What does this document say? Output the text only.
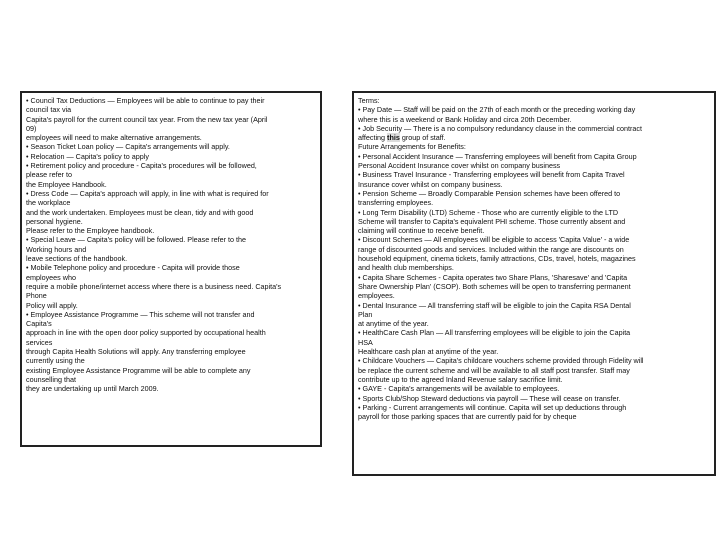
• Council Tax Deductions — Employees will be able to continue to pay their
council tax via
Capita's payroll for the current council tax year. From the new tax year (April
09)
employees will need to make alternative arrangements.
• Season Ticket Loan policy — Capita's arrangements will apply.
• Relocation — Capita's policy to apply
• Retirement policy and procedure - Capita's procedures will be followed,
please refer to
the Employee Handbook.
• Dress Code — Capita's approach will apply, in line with what is required for
the workplace
and the work undertaken. Employees must be clean, tidy and with good
personal hygiene.
Please refer to the Employee handbook.
• Special Leave — Capita's policy will be followed. Please refer to the
Working hours and
leave sections of the handbook.
• Mobile Telephone policy and procedure - Capita will provide those
employees who
require a mobile phone/internet access where there is a business need. Capita's
Phone
Policy will apply.
• Employee Assistance Programme — This scheme will not transfer and
Capita's
approach in line with the open door policy supported by occupational health
services
through Capita Health Solutions will apply. Any transferring employee
currently using the
existing Employee Assistance Programme will be able to complete any
counselling that
they are undertaking up until March 2009.
Terms:
• Pay Date — Staff will be paid on the 27th of each month or the preceding working day
where this is a weekend or Bank Holiday and circa 20th December.
• Job Security — There is a no compulsory redundancy clause in the commercial contract
affecting this group of staff.
Future Arrangements for Benefits:
• Personal Accident Insurance — Transferring employees will benefit from Capita Group
Personal Accident Insurance cover whilst on company business
• Business Travel Insurance - Transferring employees will benefit from Capita Travel
Insurance cover whilst on company business.
• Pension Scheme — Broadly Comparable Pension schemes have been offered to
transferring employees.
• Long Term Disability (LTD) Scheme - Those who are currently eligible to the LTD
Scheme will transfer to Capita's equivalent PHI scheme. Those currently absent and
claiming will continue to receive benefit.
• Discount Schemes — All employees will be eligible to access 'Capita Value' - a wide
range of discounted goods and services. Included within the range are discounts on
household equipment, cinema tickets, family attractions, CDs, travel, hotels, magazines
and health club memberships.
• Capita Share Schemes - Capita operates two Share Plans, 'Sharesave' and 'Capita
Share Ownership Plan' (CSOP). Both schemes will be open to transferring permanent
employees.
• Dental Insurance — All transferring staff will be eligible to join the Capita RSA Dental
Plan
at anytime of the year.
• HealthCare Cash Plan — All transferring employees will be eligible to join the Capita
HSA
Healthcare cash plan at anytime of the year.
• Childcare Vouchers — Capita's childcare vouchers scheme provided through Fidelity will
be replace the current scheme and will be available to all staff post transfer. Staff may
contribute up to the agreed Inland Revenue salary sacrifice limit.
• GAYE - Capita's arrangements will be available to employees.
• Sports Club/Shop Steward deductions via payroll — These will cease on transfer.
• Parking - Current arrangements will continue. Capita will set up deductions through
payroll for those parking spaces that are currently paid for by cheque
